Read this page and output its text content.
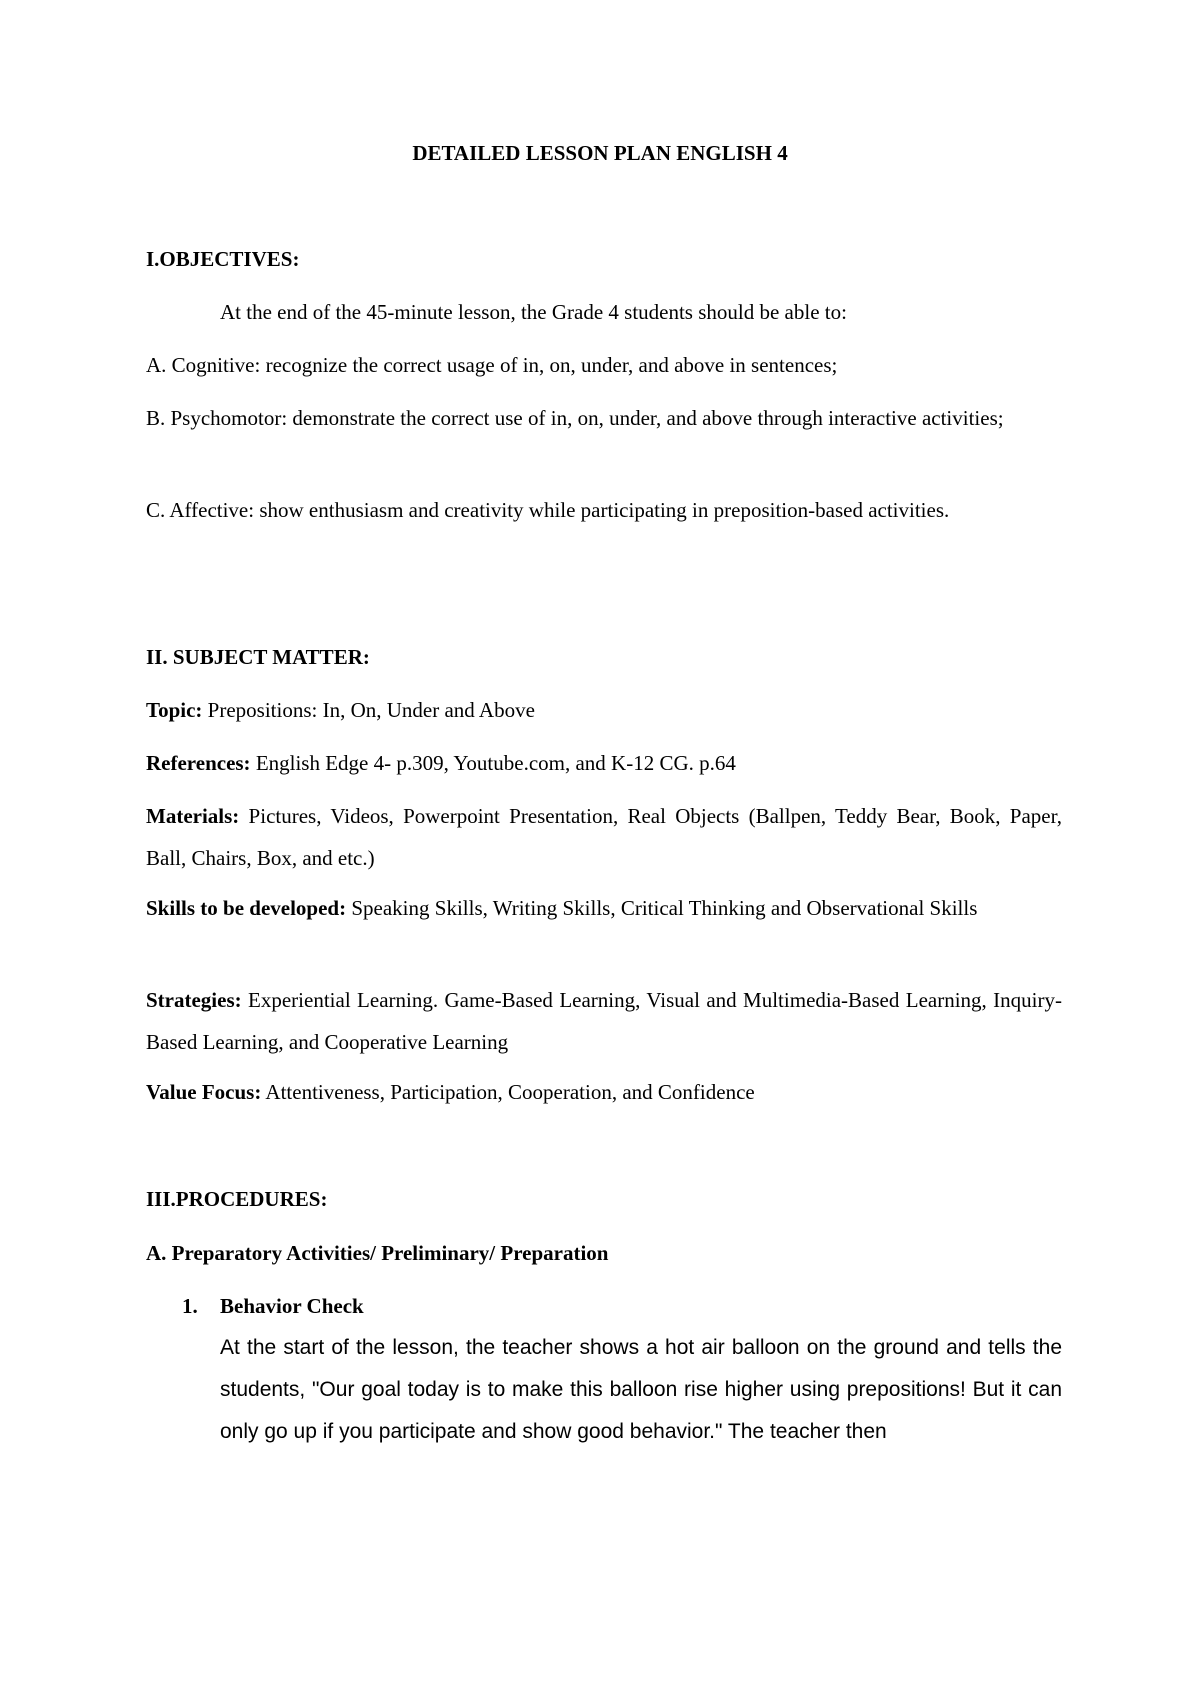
DETAILED LESSON PLAN ENGLISH 4

I.OBJECTIVES:

At the end of the 45-minute lesson, the Grade 4 students should be able to:

A. Cognitive: recognize the correct usage of in, on, under, and above in sentences;

B. Psychomotor: demonstrate the correct use of in, on, under, and above through interactive activities;

C. Affective: show enthusiasm and creativity while participating in preposition-based activities.

II. SUBJECT MATTER:

Topic: Prepositions: In, On, Under and Above

References: English Edge 4- p.309, Youtube.com, and K-12 CG. p.64

Materials: Pictures, Videos, Powerpoint Presentation, Real Objects (Ballpen, Teddy Bear, Book, Paper, Ball, Chairs, Box, and etc.)

Skills to be developed: Speaking Skills, Writing Skills, Critical Thinking and Observational Skills

Strategies: Experiential Learning. Game-Based Learning, Visual and Multimedia-Based Learning, Inquiry-Based Learning, and Cooperative Learning

Value Focus: Attentiveness, Participation, Cooperation, and Confidence

III.PROCEDURES:

A. Preparatory Activities/ Preliminary/ Preparation

1. Behavior Check
At the start of the lesson, the teacher shows a hot air balloon on the ground and tells the students, "Our goal today is to make this balloon rise higher using prepositions! But it can only go up if you participate and show good behavior." The teacher then
